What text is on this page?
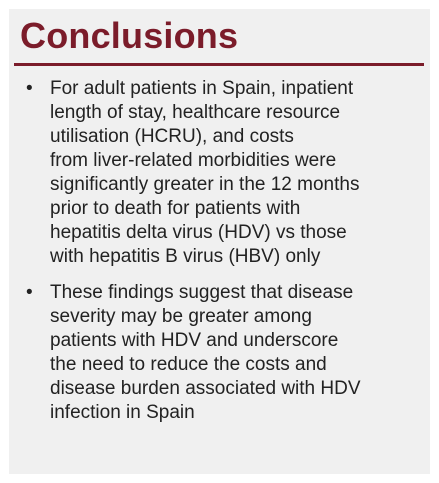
Conclusions
• For adult patients in Spain, inpatient
length of stay, healthcare resource
utilisation (HCRU), and costs
from liver-related morbidities were
significantly greater in the 12 months
prior to death for patients with
hepatitis delta virus (HDV) vs those
with hepatitis B virus (HBV) only
• These findings suggest that disease
severity may be greater among
patients with HDV and underscore
the need to reduce the costs and
disease burden associated with HDV
infection in Spain
